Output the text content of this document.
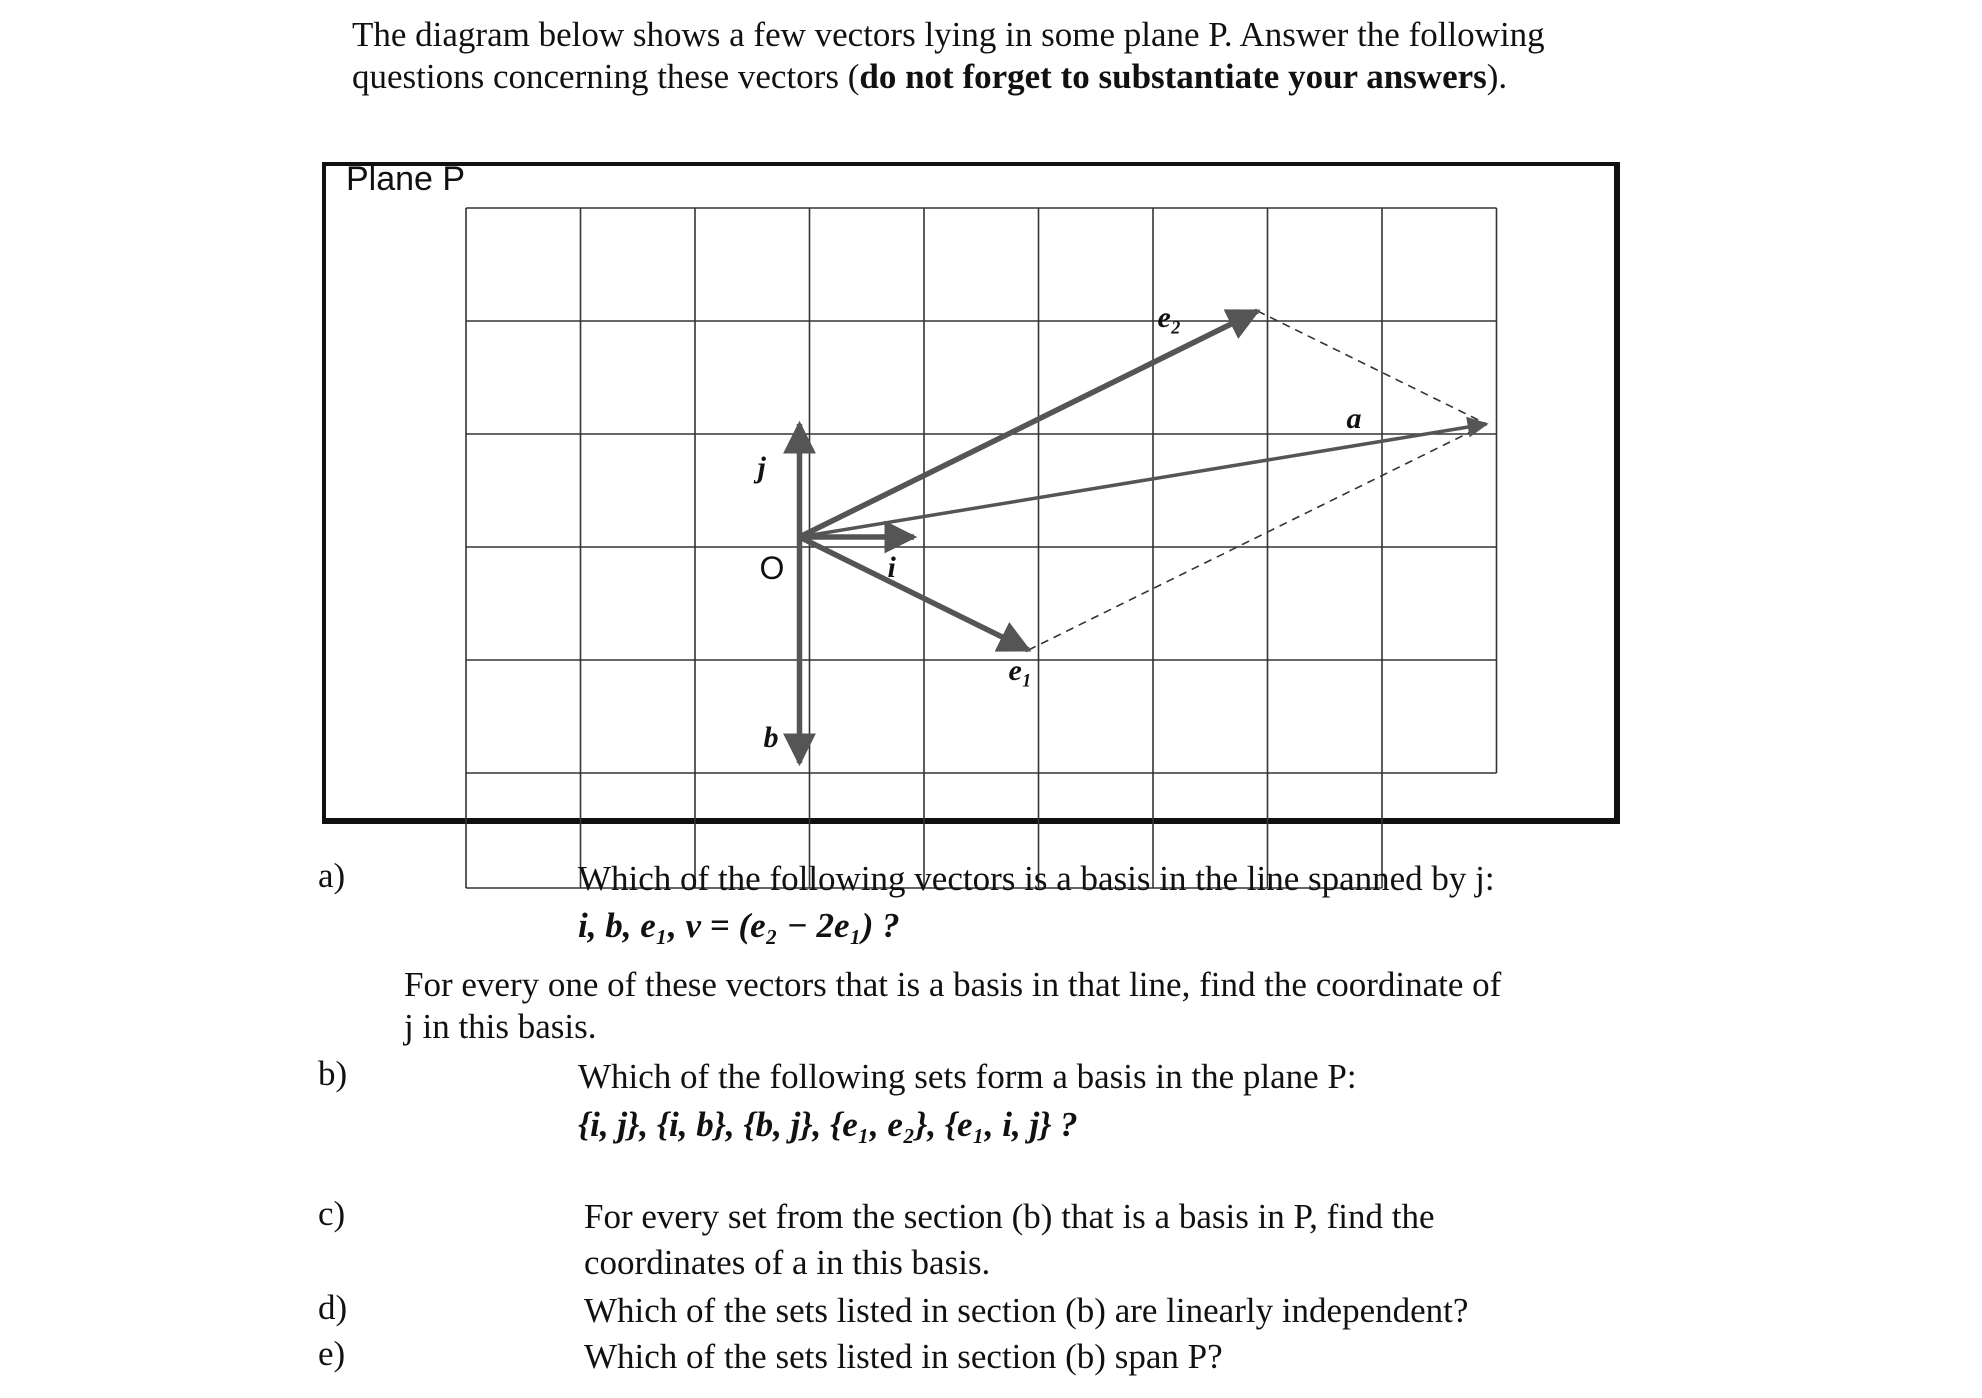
The diagram below shows a few vectors lying in some plane P. Answer the following questions concerning these vectors (do not forget to substantiate your answers).
Plane P
i
j
b
e₁
e₂
a
O
a)	Which of the following vectors is a basis in the line spanned by j:
i, b, e₁, v = (e₂ − 2e₁) ?
For every one of these vectors that is a basis in that line, find the coordinate of
j in this basis.
b)	Which of the following sets form a basis in the plane P:
{i, j}, {i, b}, {b, j}, {e₁, e₂}, {e₁, i, j} ?
c)	For every set from the section (b) that is a basis in P, find the
coordinates of a in this basis.
d)	Which of the sets listed in section (b) are linearly independent?
e)	Which of the sets listed in section (b) span P?
